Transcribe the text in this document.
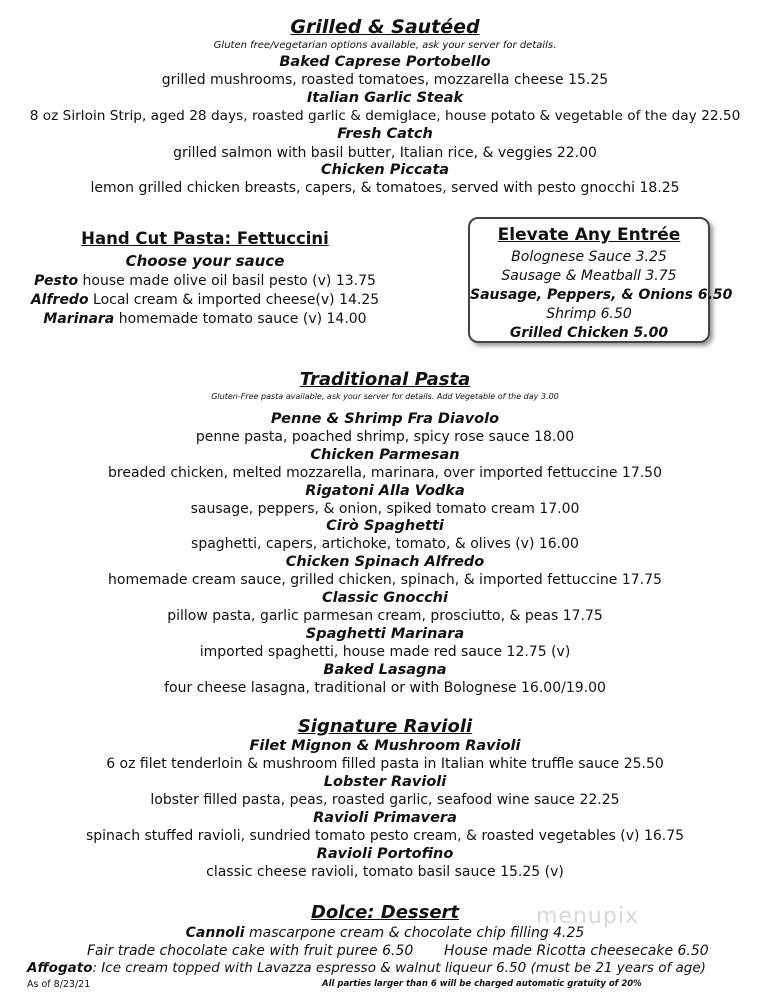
Grilled & Sautéed
Gluten free/vegetarian options available, ask your server for details.
Baked Caprese Portobello
grilled mushrooms, roasted tomatoes, mozzarella cheese 15.25
Italian Garlic Steak
8 oz Sirloin Strip, aged 28 days, roasted garlic & demiglace, house potato & vegetable of the day 22.50
Fresh Catch
grilled salmon with basil butter, Italian rice, & veggies 22.00
Chicken Piccata
lemon grilled chicken breasts, capers, & tomatoes, served with pesto gnocchi 18.25
Hand Cut Pasta: Fettuccini
Choose your sauce
Pesto house made olive oil basil pesto (v) 13.75
Alfredo Local cream & imported cheese(v) 14.25
Marinara homemade tomato sauce (v) 14.00
Elevate Any Entrée
Bolognese Sauce 3.25
Sausage & Meatball 3.75
Sausage, Peppers, & Onions 6.50
Shrimp 6.50
Grilled Chicken 5.00
Traditional Pasta
Gluten-Free pasta available, ask your server for details. Add Vegetable of the day 3.00
Penne & Shrimp Fra Diavolo
penne pasta, poached shrimp, spicy rose sauce 18.00
Chicken Parmesan
breaded chicken, melted mozzarella, marinara, over imported fettuccine 17.50
Rigatoni Alla Vodka
sausage, peppers, & onion, spiked tomato cream 17.00
Cirò Spaghetti
spaghetti, capers, artichoke, tomato, & olives (v) 16.00
Chicken Spinach Alfredo
homemade cream sauce, grilled chicken, spinach, & imported fettuccine 17.75
Classic Gnocchi
pillow pasta, garlic parmesan cream, prosciutto, & peas 17.75
Spaghetti Marinara
imported spaghetti, house made red sauce 12.75 (v)
Baked Lasagna
four cheese lasagna, traditional or with Bolognese 16.00/19.00
Signature Ravioli
Filet Mignon & Mushroom Ravioli
6 oz filet tenderloin & mushroom filled pasta in Italian white truffle sauce 25.50
Lobster Ravioli
lobster filled pasta, peas, roasted garlic, seafood wine sauce 22.25
Ravioli Primavera
spinach stuffed ravioli, sundried tomato pesto cream, & roasted vegetables (v) 16.75
Ravioli Portofino
classic cheese ravioli, tomato basil sauce 15.25 (v)
menupix
Dolce: Dessert
Cannoli mascarpone cream & chocolate chip filling 4.25
Fair trade chocolate cake with fruit puree 6.50 House made Ricotta cheesecake 6.50
Affogato: Ice cream topped with Lavazza espresso & walnut liqueur 6.50 (must be 21 years of age)
As of 8/23/21	All parties larger than 6 will be charged automatic gratuity of 20%
